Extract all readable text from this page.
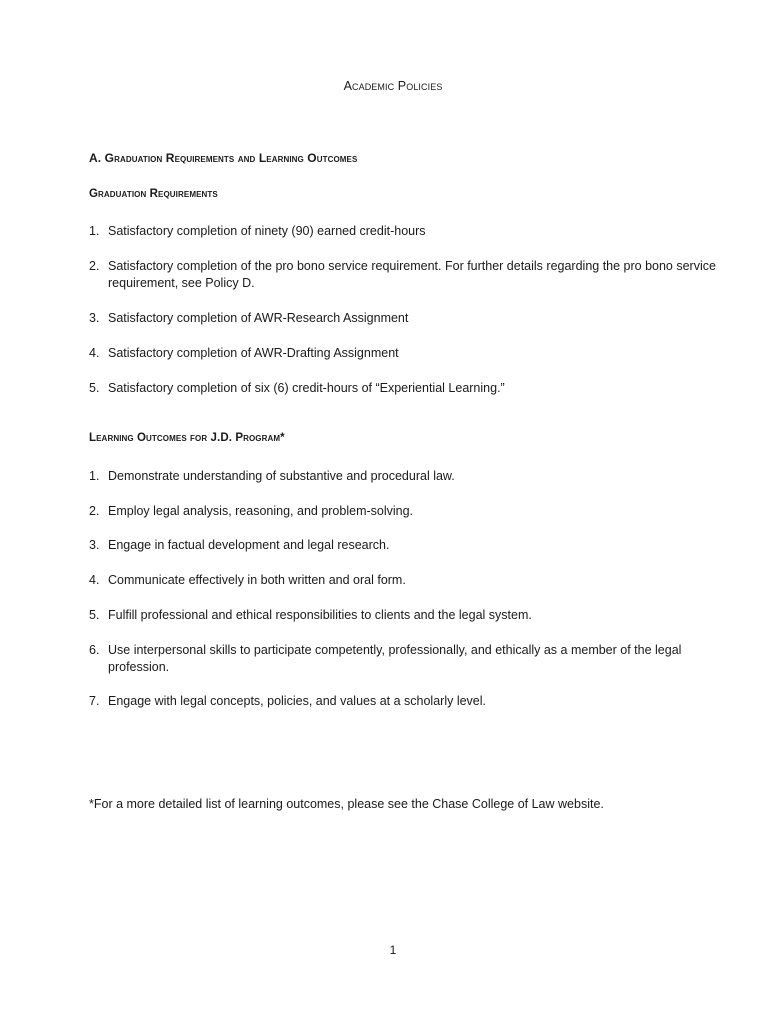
Academic Policies
A. Graduation Requirements and Learning Outcomes
Graduation Requirements
1. Satisfactory completion of ninety (90) earned credit-hours
2. Satisfactory completion of the pro bono service requirement. For further details regarding the pro bono service requirement, see Policy D.
3. Satisfactory completion of AWR-Research Assignment
4. Satisfactory completion of AWR-Drafting Assignment
5. Satisfactory completion of six (6) credit-hours of “Experiential Learning.”
Learning Outcomes for J.D. Program*
1. Demonstrate understanding of substantive and procedural law.
2. Employ legal analysis, reasoning, and problem-solving.
3. Engage in factual development and legal research.
4. Communicate effectively in both written and oral form.
5. Fulfill professional and ethical responsibilities to clients and the legal system.
6. Use interpersonal skills to participate competently, professionally, and ethically as a member of the legal profession.
7. Engage with legal concepts, policies, and values at a scholarly level.
*For a more detailed list of learning outcomes, please see the Chase College of Law website.
1
